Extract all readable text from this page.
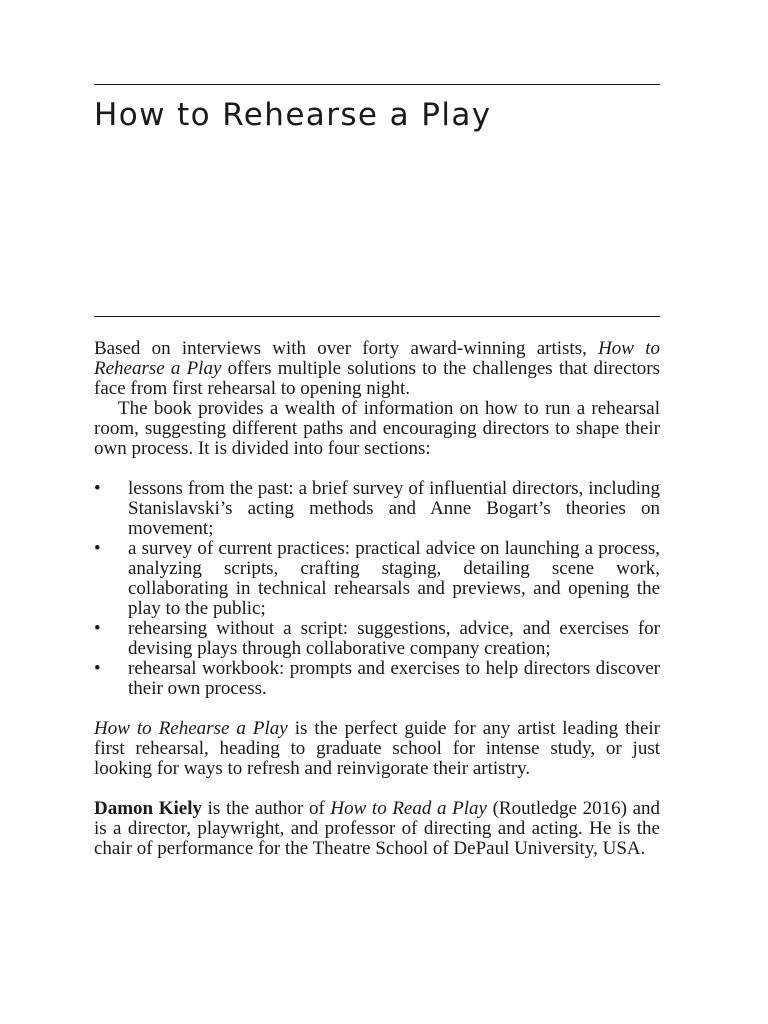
How to Rehearse a Play

Based on interviews with over forty award-winning artists, How to Rehearse a Play offers multiple solutions to the challenges that directors face from first rehearsal to opening night.

The book provides a wealth of information on how to run a rehearsal room, suggesting different paths and encouraging directors to shape their own process. It is divided into four sections:

• lessons from the past: a brief survey of influential directors, including Stanislavski’s acting methods and Anne Bogart’s theories on movement;
• a survey of current practices: practical advice on launching a process, analyzing scripts, crafting staging, detailing scene work, collaborating in technical rehearsals and previews, and opening the play to the public;
• rehearsing without a script: suggestions, advice, and exercises for devising plays through collaborative company creation;
• rehearsal workbook: prompts and exercises to help directors discover their own process.

How to Rehearse a Play is the perfect guide for any artist leading their first rehearsal, heading to graduate school for intense study, or just looking for ways to refresh and reinvigorate their artistry.

Damon Kiely is the author of How to Read a Play (Routledge 2016) and is a director, playwright, and professor of directing and acting. He is the chair of performance for the Theatre School of DePaul University, USA.
